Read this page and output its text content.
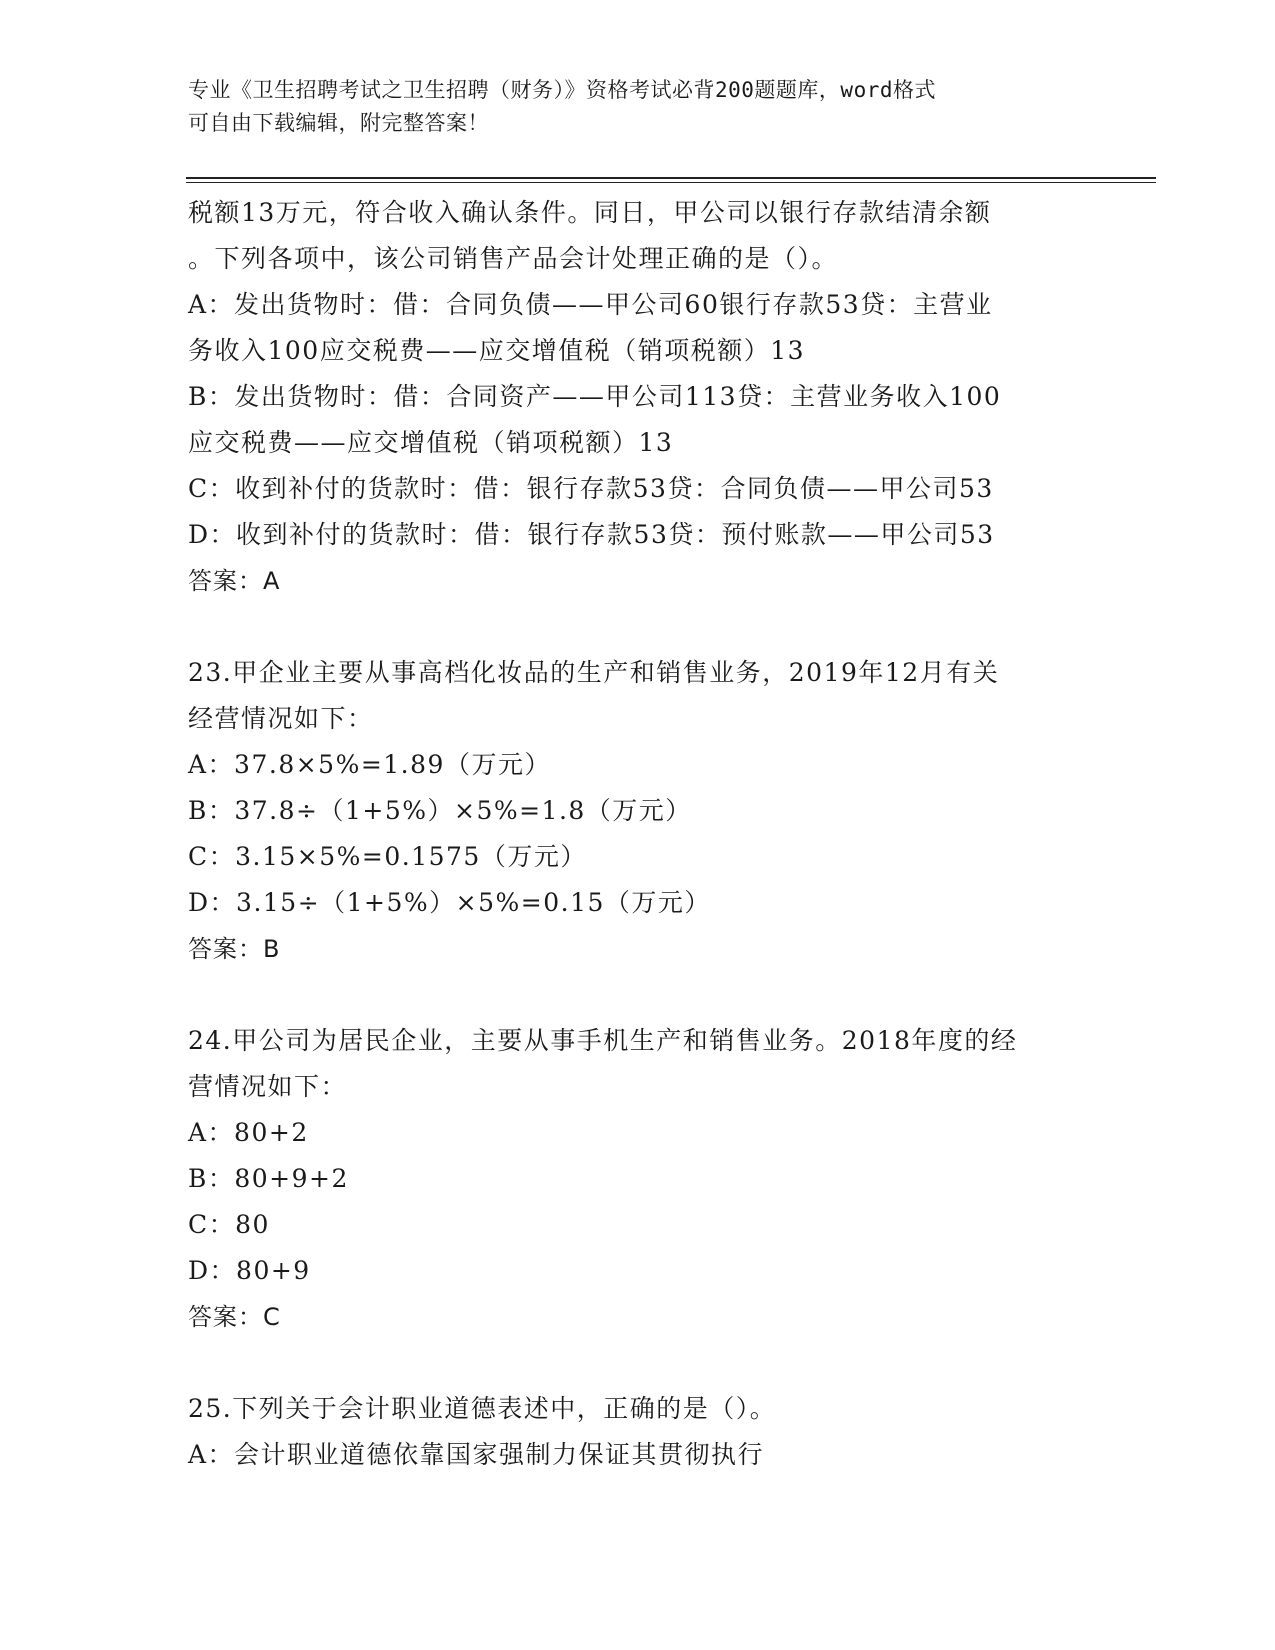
专业《卫生招聘考试之卫生招聘（财务）》资格考试必背200题题库，word格式
可自由下载编辑，附完整答案！
税额13万元，符合收入确认条件。同日，甲公司以银行存款结清余额
。下列各项中，该公司销售产品会计处理正确的是（）。
A：发出货物时：借：合同负债——甲公司60银行存款53贷：主营业
务收入100应交税费——应交增值税（销项税额）13
B：发出货物时：借：合同资产——甲公司113贷：主营业务收入100
应交税费——应交增值税（销项税额）13
C：收到补付的货款时：借：银行存款53贷：合同负债——甲公司53
D：收到补付的货款时：借：银行存款53贷：预付账款——甲公司53
答案：A
23.甲企业主要从事高档化妆品的生产和销售业务，2019年12月有关
经营情况如下：
A：37.8×5%=1.89（万元）
B：37.8÷（1+5%）×5%=1.8（万元）
C：3.15×5%=0.1575（万元）
D：3.15÷（1+5%）×5%=0.15（万元）
答案：B
24.甲公司为居民企业，主要从事手机生产和销售业务。2018年度的经
营情况如下：
A：80+2
B：80+9+2
C：80
D：80+9
答案：C
25.下列关于会计职业道德表述中，正确的是（）。
A：会计职业道德依靠国家强制力保证其贯彻执行
